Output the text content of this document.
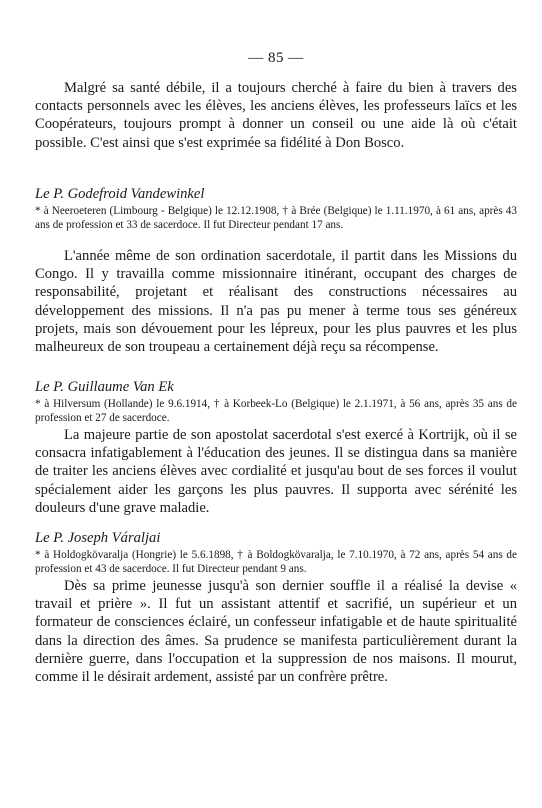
— 85 —

Malgré sa santé débile, il a toujours cherché à faire du bien à travers des contacts personnels avec les élèves, les anciens élèves, les professeurs laïcs et les Coopérateurs, toujours prompt à donner un conseil ou une aide là où c'était possible. C'est ainsi que s'est exprimée sa fidélité à Don Bosco.

Le P. Godefroid Vandewinkel

* à Neeroeteren (Limbourg - Belgique) le 12.12.1908, † à Brée (Belgique) le 1.11.1970, à 61 ans, après 43 ans de profession et 33 de sacerdoce. Il fut Directeur pendant 17 ans.

L'année même de son ordination sacerdotale, il partit dans les Missions du Congo. Il y travailla comme missionnaire itinérant, occupant des charges de responsabilité, projetant et réalisant des constructions nécessaires au développement des missions. Il n'a pas pu mener à terme tous ses généreux projets, mais son dévouement pour les lépreux, pour les plus pauvres et les plus malheureux de son troupeau a certainement déjà reçu sa récompense.

Le P. Guillaume Van Ek

* à Hilversum (Hollande) le 9.6.1914, † à Korbeek-Lo (Belgique) le 2.1.1971, à 56 ans, après 35 ans de profession et 27 de sacerdoce.

La majeure partie de son apostolat sacerdotal s'est exercé à Kortrijk, où il se consacra infatigablement à l'éducation des jeunes. Il se distingua dans sa manière de traiter les anciens élèves avec cordialité et jusqu'au bout de ses forces il voulut spécialement aider les garçons les plus pauvres. Il supporta avec sérénité les douleurs d'une grave maladie.

Le P. Joseph Váraljai

* à Holdogkövaralja (Hongrie) le 5.6.1898, † à Boldogkövaralja, le 7.10.1970, à 72 ans, après 54 ans de profession et 43 de sacerdoce. Il fut Directeur pendant 9 ans.

Dès sa prime jeunesse jusqu'à son dernier souffle il a réalisé la devise « travail et prière ». Il fut un assistant attentif et sacrifié, un supérieur et un formateur de consciences éclairé, un confesseur infatigable et de haute spiritualité dans la direction des âmes. Sa prudence se manifesta particulièrement durant la dernière guerre, dans l'occupation et la suppression de nos maisons. Il mourut, comme il le désirait ardement, assisté par un confrère prêtre.
